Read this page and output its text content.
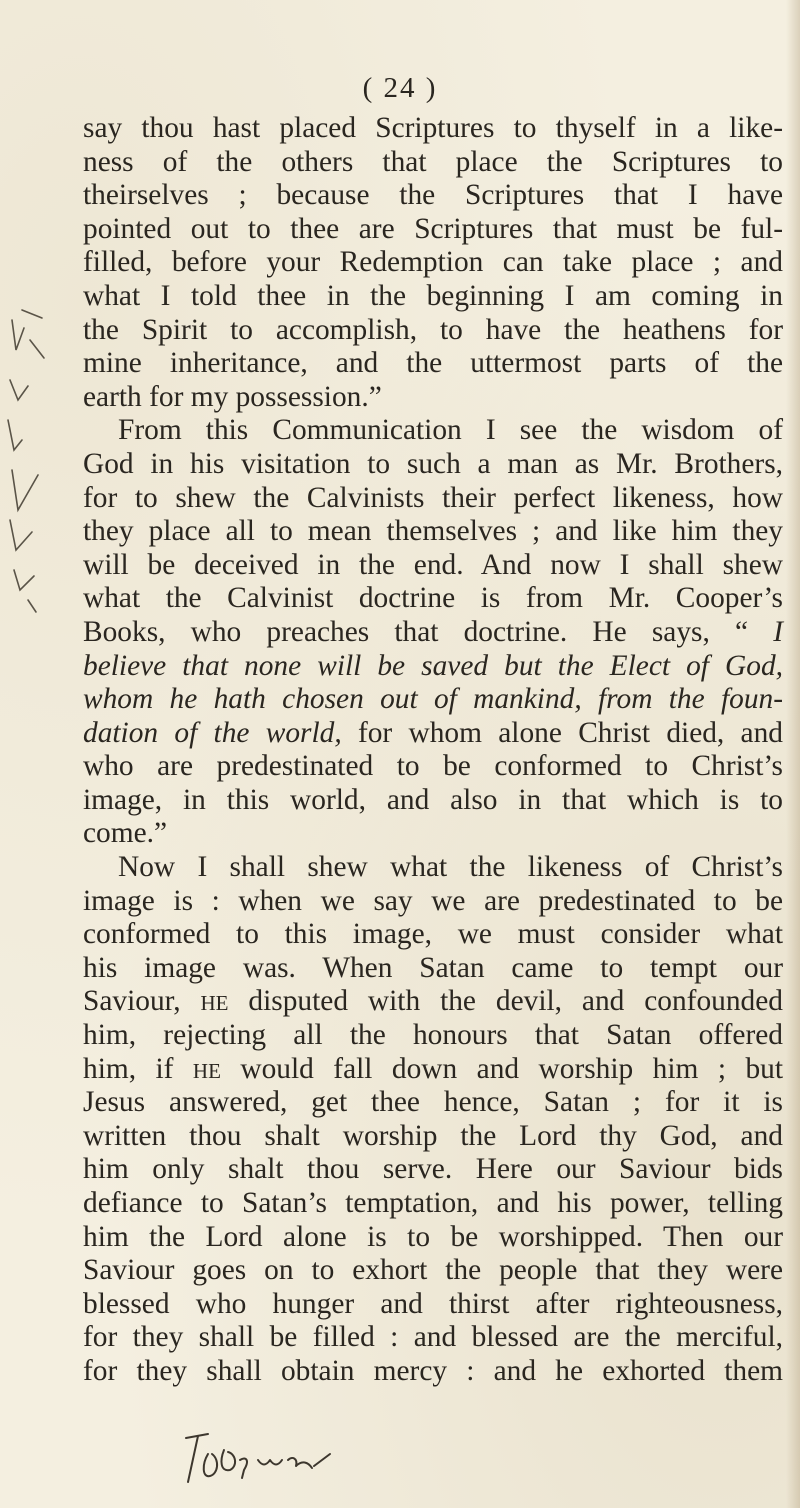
( 24 )
say thou hast placed Scriptures to thyself in a like-
ness of the others that place the Scriptures to
theirselves ; because the Scriptures that I have
pointed out to thee are Scriptures that must be ful-
filled, before your Redemption can take place ; and
what I told thee in the beginning I am coming in
the Spirit to accomplish, to have the heathens for
mine inheritance, and the uttermost parts of the
earth for my possession.”
From this Communication I see the wisdom of
God in his visitation to such a man as Mr. Brothers,
for to shew the Calvinists their perfect likeness, how
they place all to mean themselves ; and like him they
will be deceived in the end. And now I shall shew
what the Calvinist doctrine is from Mr. Cooper’s
Books, who preaches that doctrine. He says, “ I
believe that none will be saved but the Elect of God,
whom he hath chosen out of mankind, from the foun-
dation of the world, for whom alone Christ died, and
who are predestinated to be conformed to Christ’s
image, in this world, and also in that which is to
come.”
Now I shall shew what the likeness of Christ’s
image is : when we say we are predestinated to be
conformed to this image, we must consider what
his image was. When Satan came to tempt our
Saviour, he disputed with the devil, and confounded
him, rejecting all the honours that Satan offered
him, if he would fall down and worship him ; but
Jesus answered, get thee hence, Satan ; for it is
written thou shalt worship the Lord thy God, and
him only shalt thou serve. Here our Saviour bids
defiance to Satan’s temptation, and his power, telling
him the Lord alone is to be worshipped. Then our
Saviour goes on to exhort the people that they were
blessed who hunger and thirst after righteousness,
for they shall be filled : and blessed are the merciful,
for they shall obtain mercy : and he exhorted them
